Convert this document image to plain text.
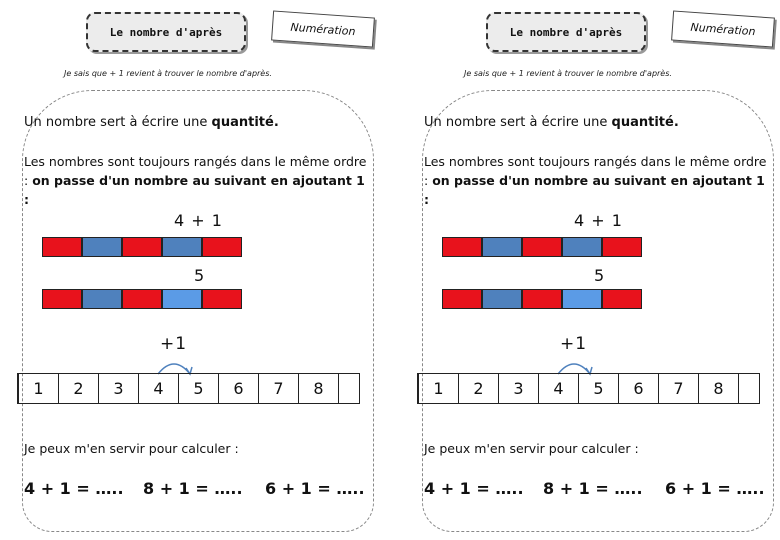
Le nombre d'après	Numération
Je sais que + 1 revient à trouver le nombre d'après.
Un nombre sert à écrire une quantité.
Les nombres sont toujours rangés dans le même ordre : on passe d'un nombre au suivant en ajoutant 1 :
4 + 1
5
+1
1	2	3	4	5	6	7	8
Je peux m'en servir pour calculer :
4 + 1 = ….. 8 + 1 = ….. 6 + 1 = …..
Le nombre d'après	Numération
Je sais que + 1 revient à trouver le nombre d'après.
Un nombre sert à écrire une quantité.
Les nombres sont toujours rangés dans le même ordre : on passe d'un nombre au suivant en ajoutant 1 :
4 + 1
5
+1
1	2	3	4	5	6	7	8
Je peux m'en servir pour calculer :
4 + 1 = ….. 8 + 1 = ….. 6 + 1 = …..
